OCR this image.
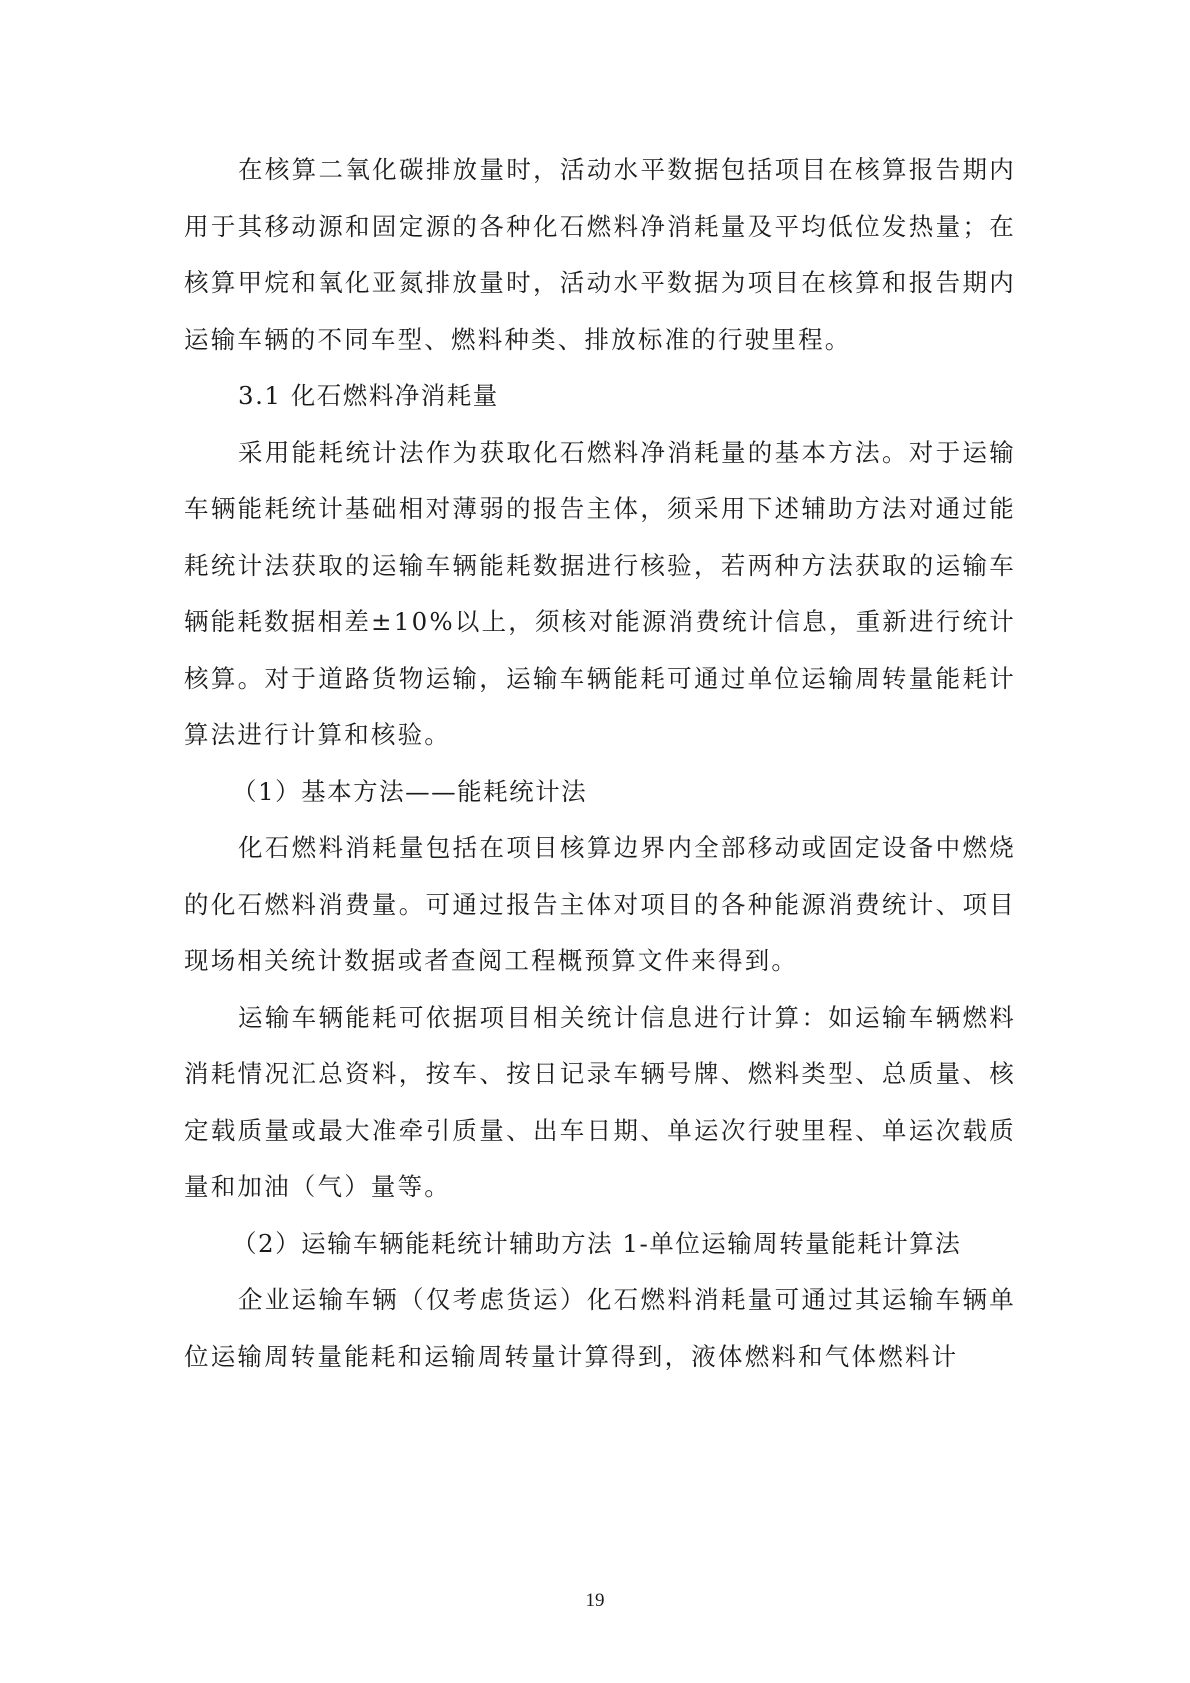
在核算二氧化碳排放量时，活动水平数据包括项目在核算报告期内用于其移动源和固定源的各种化石燃料净消耗量及平均低位发热量；在核算甲烷和氧化亚氮排放量时，活动水平数据为项目在核算和报告期内运输车辆的不同车型、燃料种类、排放标准的行驶里程。

3.1 化石燃料净消耗量

采用能耗统计法作为获取化石燃料净消耗量的基本方法。对于运输车辆能耗统计基础相对薄弱的报告主体，须采用下述辅助方法对通过能耗统计法获取的运输车辆能耗数据进行核验，若两种方法获取的运输车辆能耗数据相差±10%以上，须核对能源消费统计信息，重新进行统计核算。对于道路货物运输，运输车辆能耗可通过单位运输周转量能耗计算法进行计算和核验。

（1）基本方法——能耗统计法

化石燃料消耗量包括在项目核算边界内全部移动或固定设备中燃烧的化石燃料消费量。可通过报告主体对项目的各种能源消费统计、项目现场相关统计数据或者查阅工程概预算文件来得到。

运输车辆能耗可依据项目相关统计信息进行计算：如运输车辆燃料消耗情况汇总资料，按车、按日记录车辆号牌、燃料类型、总质量、核定载质量或最大准牵引质量、出车日期、单运次行驶里程、单运次载质量和加油（气）量等。

（2）运输车辆能耗统计辅助方法 1-单位运输周转量能耗计算法

企业运输车辆（仅考虑货运）化石燃料消耗量可通过其运输车辆单位运输周转量能耗和运输周转量计算得到，液体燃料和气体燃料计

19
